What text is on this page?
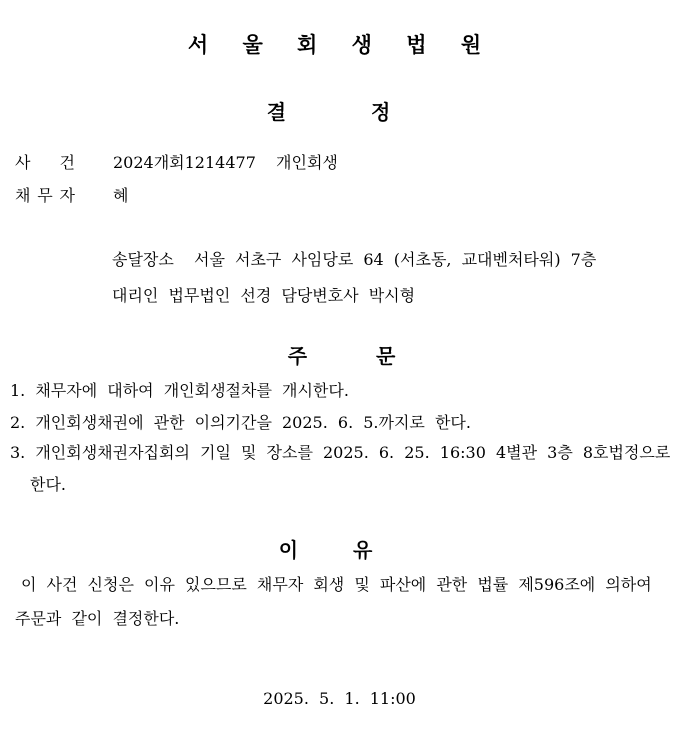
서 울 회 생 법 원
결 정
사 건 2024개회1214477  개인회생
채 무 자 혜
송달장소  서울 서초구 사임당로 64 (서초동, 교대벤처타워) 7층
대리인 법무법인 선경 담당변호사 박시형
주 문
1. 채무자에 대하여 개인회생절차를 개시한다.
2. 개인회생채권에 관한 이의기간을 2025. 6. 5.까지로 한다.
3. 개인회생채권자집회의 기일 및 장소를 2025. 6. 25. 16:30 4별관 3층 8호법정으로
한다.
이 유
이 사건 신청은 이유 있으므로 채무자 회생 및 파산에 관한 법률 제596조에 의하여
주문과 같이 결정한다.
2025. 5. 1. 11:00
